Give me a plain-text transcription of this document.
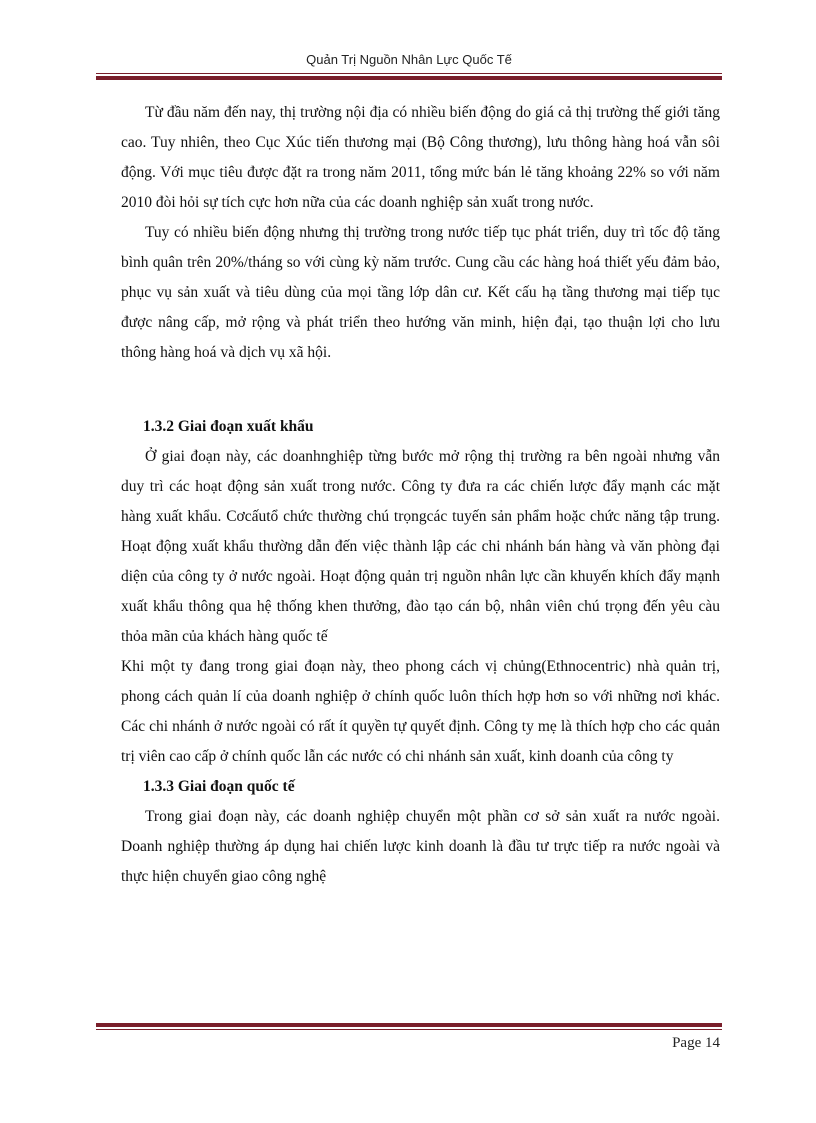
Quản Trị Nguồn Nhân Lực Quốc Tế

Từ đầu năm đến nay, thị trường nội địa có nhiều biến động do giá cả thị trường thế giới tăng cao. Tuy nhiên, theo Cục Xúc tiến thương mại (Bộ Công thương), lưu thông hàng hoá vẫn sôi động. Với mục tiêu được đặt ra trong năm 2011, tổng mức bán lẻ tăng khoảng 22% so với năm 2010 đòi hỏi sự tích cực hơn nữa của các doanh nghiệp sản xuất trong nước.

Tuy có nhiều biến động nhưng thị trường trong nước tiếp tục phát triển, duy trì tốc độ tăng bình quân trên 20%/tháng so với cùng kỳ năm trước. Cung cầu các hàng hoá thiết yếu đảm bảo, phục vụ sản xuất và tiêu dùng của mọi tầng lớp dân cư. Kết cấu hạ tầng thương mại tiếp tục được nâng cấp, mở rộng và phát triển theo hướng văn minh, hiện đại, tạo thuận lợi cho lưu thông hàng hoá và dịch vụ xã hội.

1.3.2 Giai đoạn xuất khẩu

Ở giai đoạn này, các doanhnghiệp từng bước mở rộng thị trường ra bên ngoài nhưng vẫn duy trì các hoạt động sản xuất trong nước. Công ty đưa ra các chiến lược đẩy mạnh các mặt hàng xuất khẩu. Cơcấutổ chức thường chú trọngcác tuyến sản phẩm hoặc chức năng tập trung. Hoạt động xuất khẩu thường dẫn đến việc thành lập các chi nhánh bán hàng và văn phòng đại diện của công ty ở nước ngoài. Hoạt động quản trị nguồn nhân lực cần khuyến khích đẩy mạnh xuất khẩu thông qua hệ thống khen thưởng, đào tạo cán bộ, nhân viên chú trọng đến yêu càu thỏa mãn của khách hàng quốc tế

Khi một ty đang trong giai đoạn này, theo phong cách vị chủng(Ethnocentric) nhà quản trị, phong cách quản lí của doanh nghiệp ở chính quốc luôn thích hợp hơn so với những nơi khác. Các chi nhánh ở nước ngoài có rất ít quyền tự quyết định. Công ty mẹ là thích hợp cho các quản trị viên cao cấp ở chính quốc lẫn các nước có chi nhánh sản xuất, kinh doanh của công ty

1.3.3 Giai đoạn quốc tế

Trong giai đoạn này, các doanh nghiệp chuyển một phần cơ sở sản xuất ra nước ngoài. Doanh nghiệp thường áp dụng hai chiến lược kinh doanh là đầu tư trực tiếp ra nước ngoài và thực hiện chuyển giao công nghệ

Page 14
